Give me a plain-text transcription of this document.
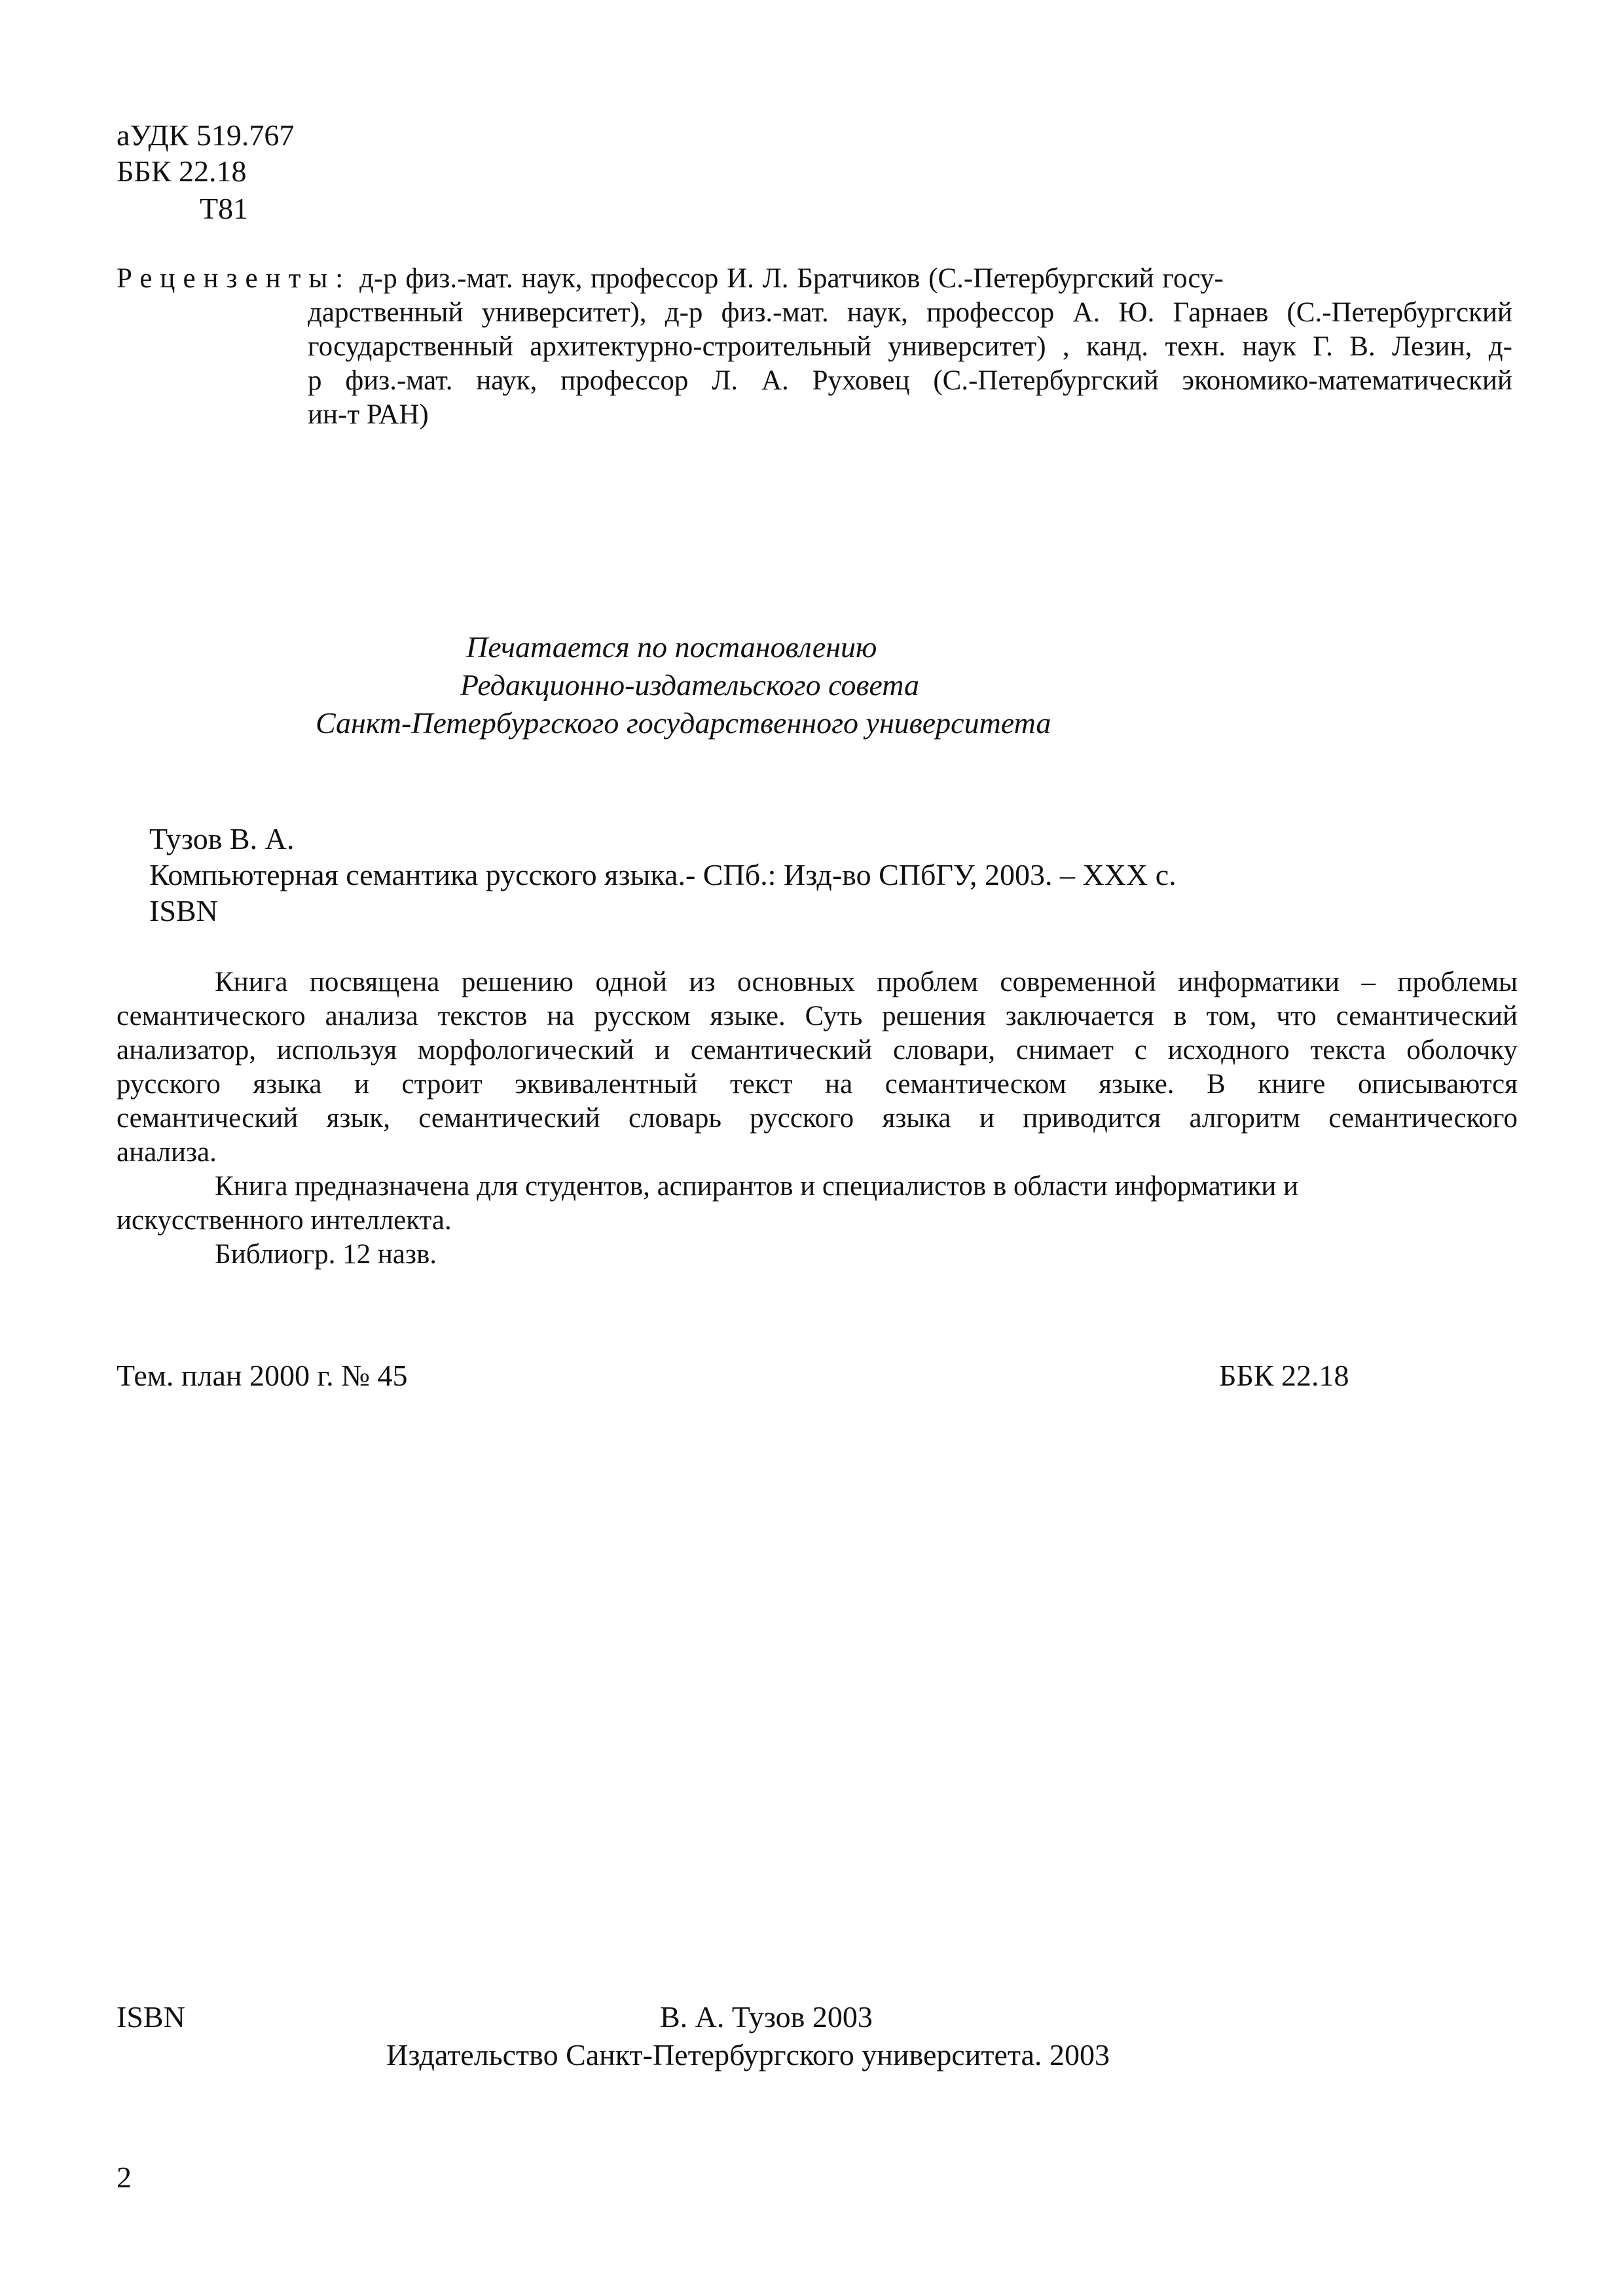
аУДК 519.767
ББК 22.18
Т81
Рецензенты: д-р физ.-мат. наук, профессор И. Л. Братчиков (С.-Петербургский госу-
дарственный университет), д-р физ.-мат. наук, профессор А. Ю. Гарнаев (С.-Петербургский
государственный архитектурно-строительный университет) , канд. техн. наук Г. В. Лезин, д-
р физ.-мат. наук, профессор Л. А. Руховец (С.-Петербургский экономико-математический
ин-т РАН)
Печатается по постановлению
Редакционно-издательского совета
Санкт-Петербургского государственного университета
Тузов В. А.
Компьютерная семантика русского языка.- СПб.: Изд-во СПбГУ, 2003. – ХХХ с.
ISBN
Книга посвящена решению одной из основных проблем современной информатики – проблемы
семантического анализа текстов на русском языке. Суть решения заключается в том, что семантический
анализатор, используя морфологический и семантический словари, снимает с исходного текста оболочку
русского языка и строит эквивалентный текст на семантическом языке. В книге описываются
семантический язык, семантический словарь русского языка и приводится алгоритм семантического
анализа.
Книга предназначена для студентов, аспирантов и специалистов в области информатики и
искусственного интеллекта.
Библиогр. 12 назв.
Тем. план 2000 г. № 45	ББК 22.18
ISBN	В. А. Тузов 2003
Издательство Санкт-Петербургского университета. 2003
2
